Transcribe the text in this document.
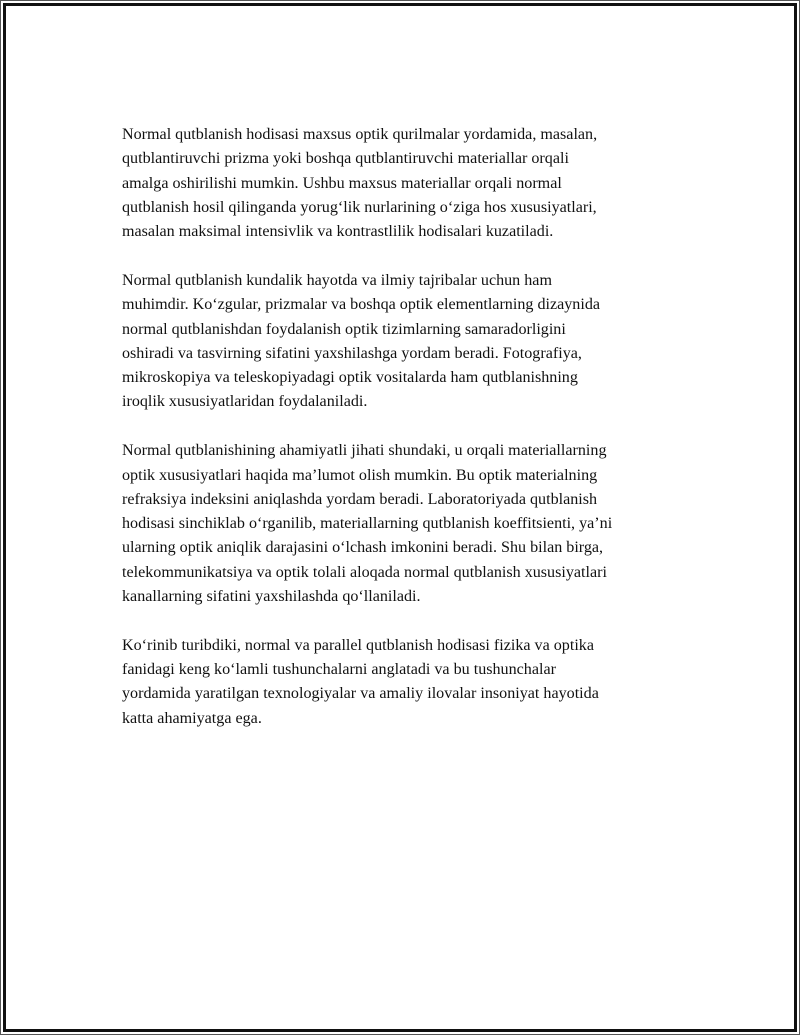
Normal qutblanish hodisasi maxsus optik qurilmalar yordamida, masalan,
qutblantiruvchi prizma yoki boshqa qutblantiruvchi materiallar orqali
amalga oshirilishi mumkin. Ushbu maxsus materiallar orqali normal
qutblanish hosil qilinganda yorug‘lik nurlarining o‘ziga hos xususiyatlari,
masalan maksimal intensivlik va kontrastlilik hodisalari kuzatiladi.

Normal qutblanish kundalik hayotda va ilmiy tajribalar uchun ham
muhimdir. Ko‘zgular, prizmalar va boshqa optik elementlarning dizaynida
normal qutblanishdan foydalanish optik tizimlarning samaradorligini
oshiradi va tasvirning sifatini yaxshilashga yordam beradi. Fotografiya,
mikroskopiya va teleskopiyadagi optik vositalarda ham qutblanishning
iroqlik xususiyatlaridan foydalaniladi.

Normal qutblanishining ahamiyatli jihati shundaki, u orqali materiallarning
optik xususiyatlari haqida ma’lumot olish mumkin. Bu optik materialning
refraksiya indeksini aniqlashda yordam beradi. Laboratoriyada qutblanish
hodisasi sinchiklab o‘rganilib, materiallarning qutblanish koeffitsienti, ya’ni
ularning optik aniqlik darajasini o‘lchash imkonini beradi. Shu bilan birga,
telekommunikatsiya va optik tolali aloqada normal qutblanish xususiyatlari
kanallarning sifatini yaxshilashda qo‘llaniladi.

Ko‘rinib turibdiki, normal va parallel qutblanish hodisasi fizika va optika
fanidagi keng ko‘lamli tushunchalarni anglatadi va bu tushunchalar
yordamida yaratilgan texnologiyalar va amaliy ilovalar insoniyat hayotida
katta ahamiyatga ega.
